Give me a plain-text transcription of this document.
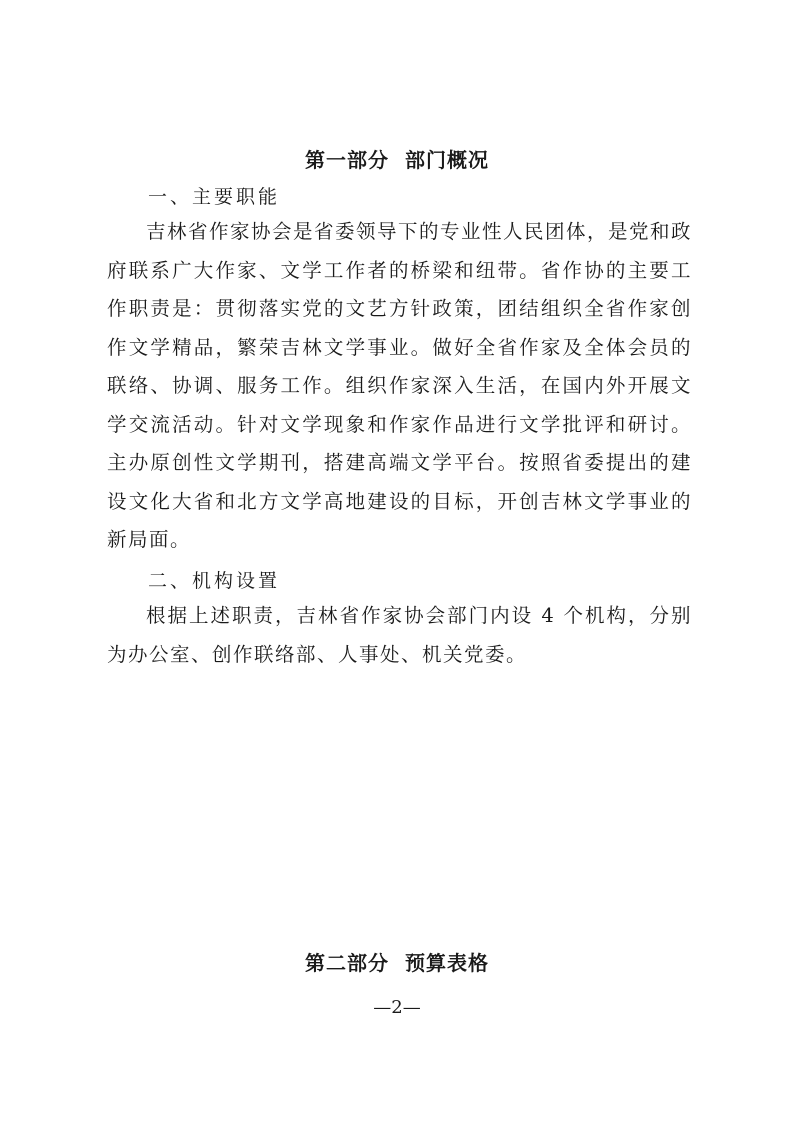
第一部分  部门概况
一、主要职能
吉林省作家协会是省委领导下的专业性人民团体，是党和政府联系广大作家、文学工作者的桥梁和纽带。省作协的主要工作职责是：贯彻落实党的文艺方针政策，团结组织全省作家创作文学精品，繁荣吉林文学事业。做好全省作家及全体会员的联络、协调、服务工作。组织作家深入生活，在国内外开展文学交流活动。针对文学现象和作家作品进行文学批评和研讨。主办原创性文学期刊，搭建高端文学平台。按照省委提出的建设文化大省和北方文学高地建设的目标，开创吉林文学事业的新局面。
二、机构设置
根据上述职责，吉林省作家协会部门内设 4 个机构，分别为办公室、创作联络部、人事处、机关党委。
第二部分  预算表格
—2—
